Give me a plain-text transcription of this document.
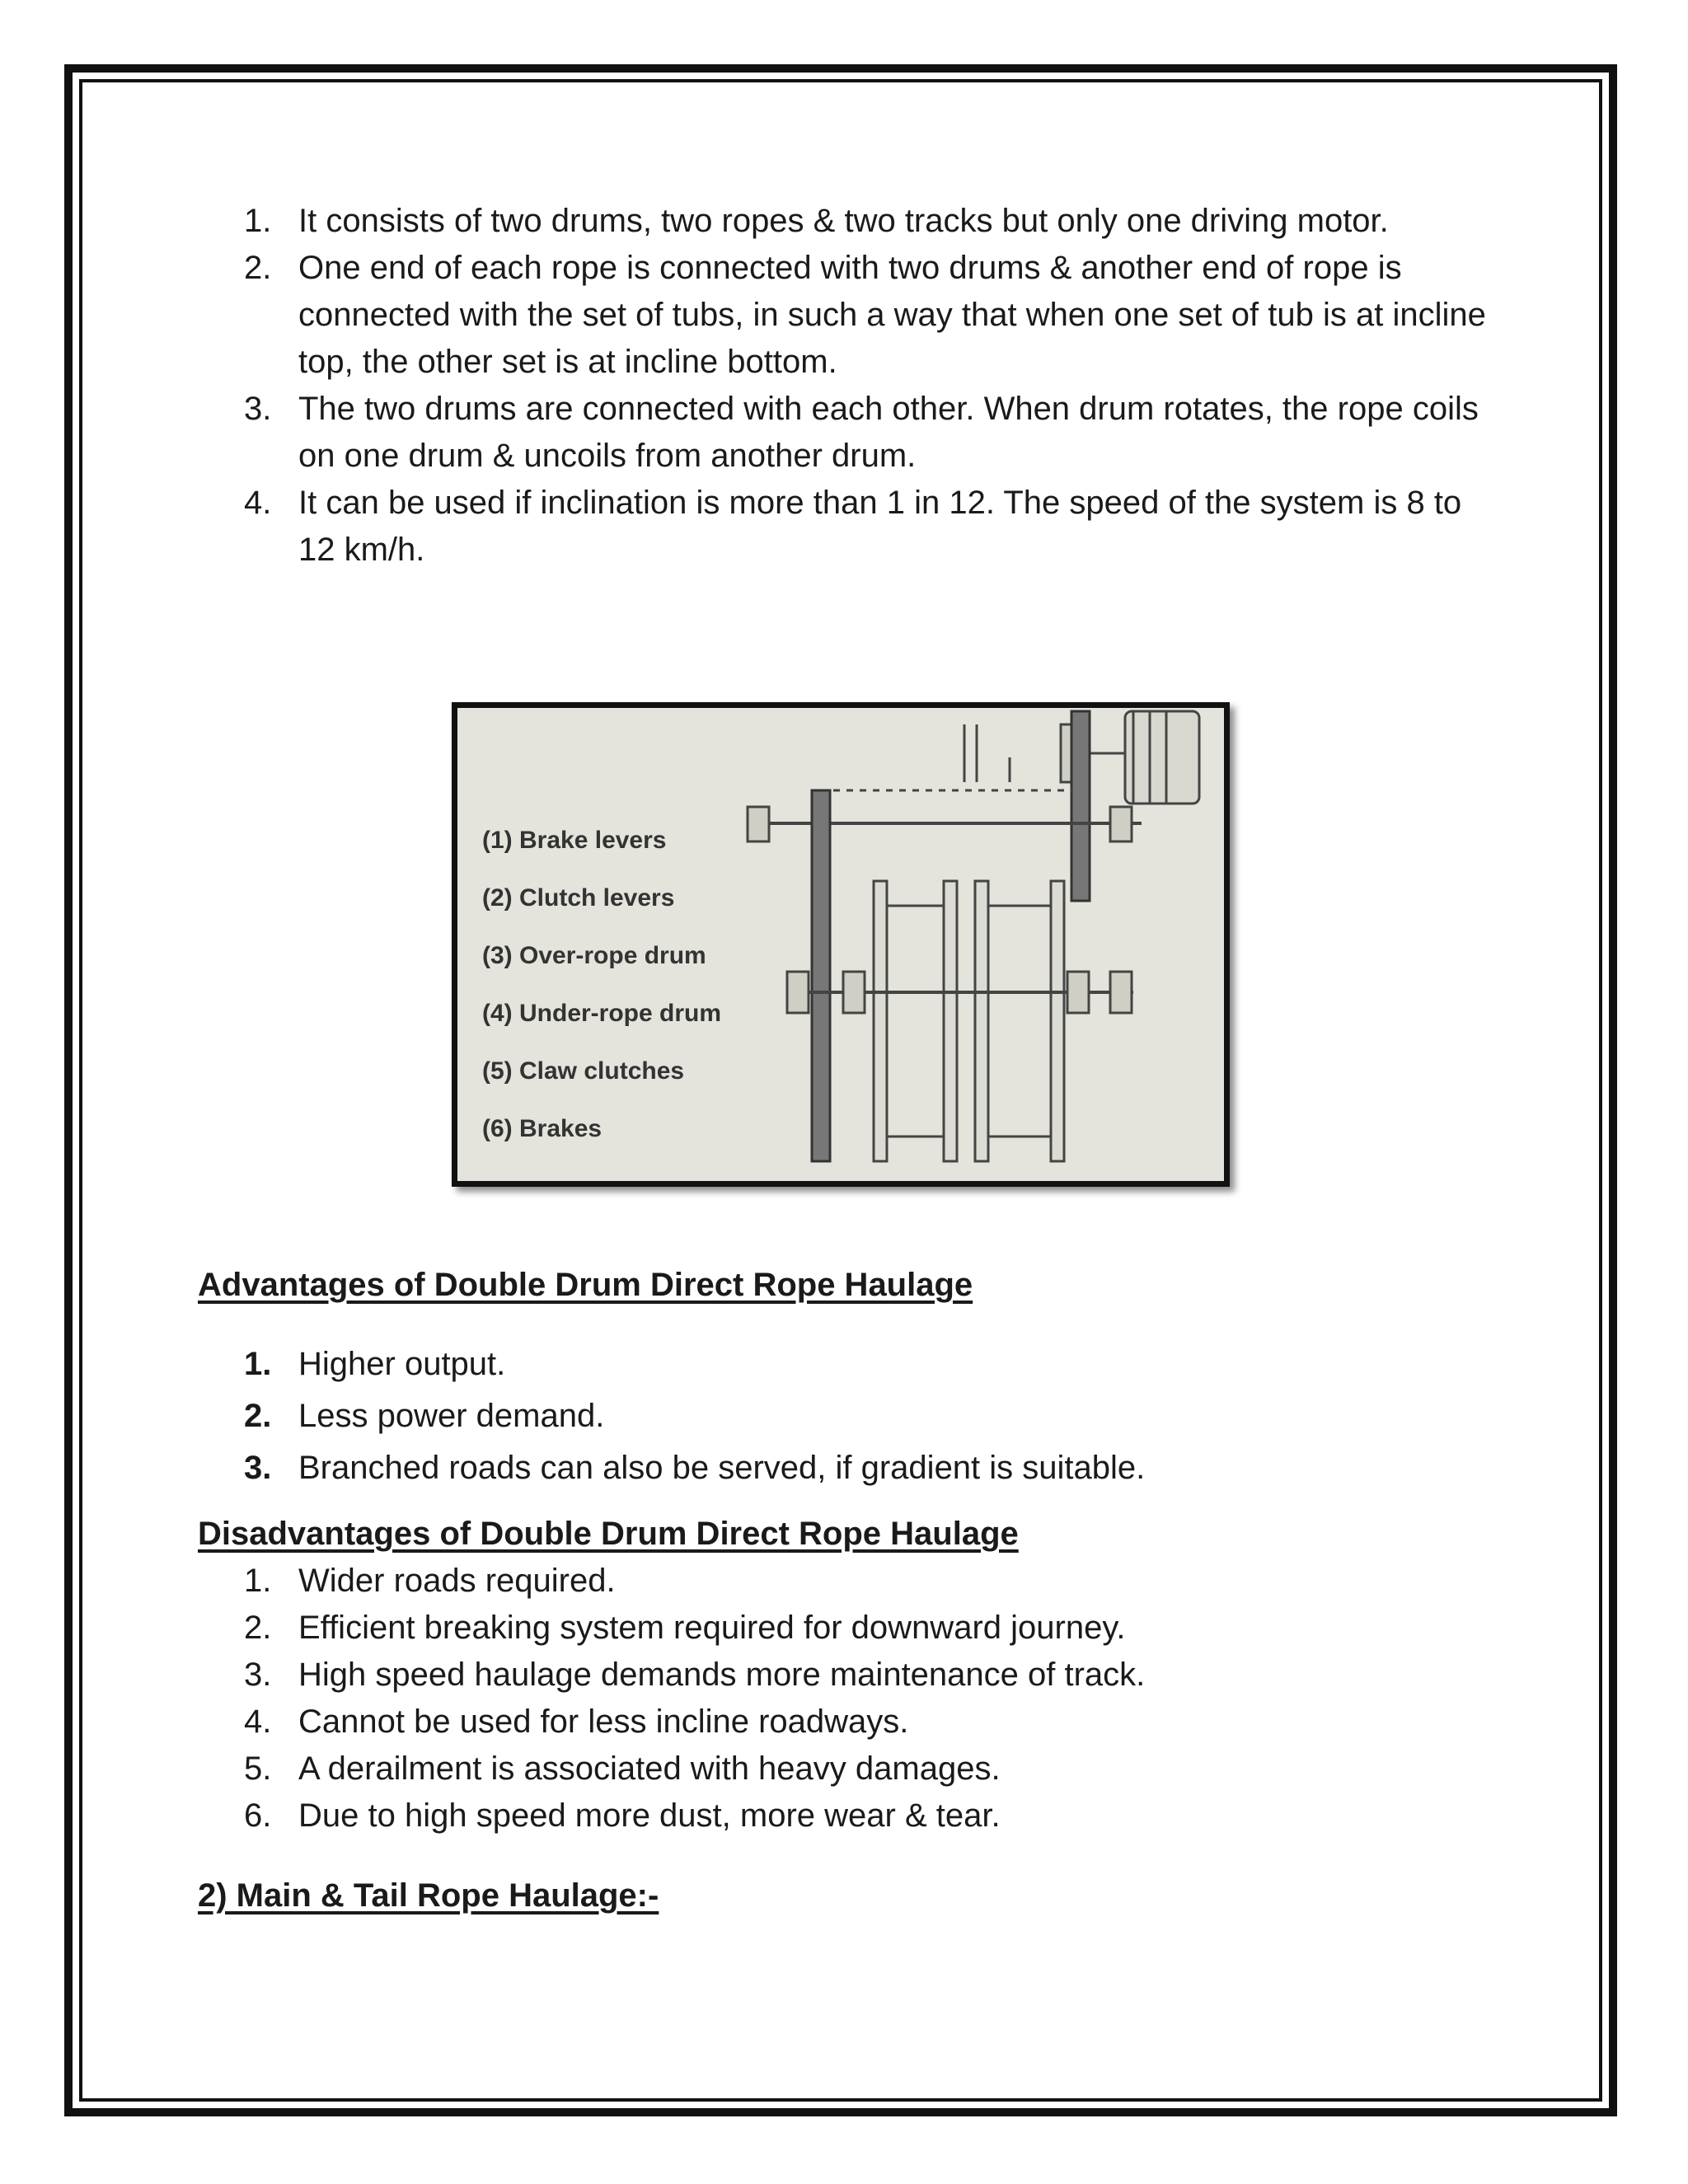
1. It consists of two drums, two ropes & two tracks but only one driving motor.
2. One end of each rope is connected with two drums & another end of rope is connected with the set of tubs, in such a way that when one set of tub is at incline top, the other set is at incline bottom.
3. The two drums are connected with each other. When drum rotates, the rope coils on one drum & uncoils from another drum.
4. It can be used if inclination is more than 1 in 12. The speed of the system is 8 to 12 km/h.
Advantages of Double Drum Direct Rope Haulage
1. Higher output.
2. Less power demand.
3. Branched roads can also be served, if gradient is suitable.
Disadvantages of Double Drum Direct Rope Haulage
1. Wider roads required.
2. Efficient breaking system required for downward journey.
3. High speed haulage demands more maintenance of track.
4. Cannot be used for less incline roadways.
5. A derailment is associated with heavy damages.
6. Due to high speed more dust, more wear & tear.
2) Main & Tail Rope Haulage:-
(1) Brake levers
(2) Clutch levers
(3) Over-rope drum
(4) Under-rope drum
(5) Claw clutches
(6) Brakes
